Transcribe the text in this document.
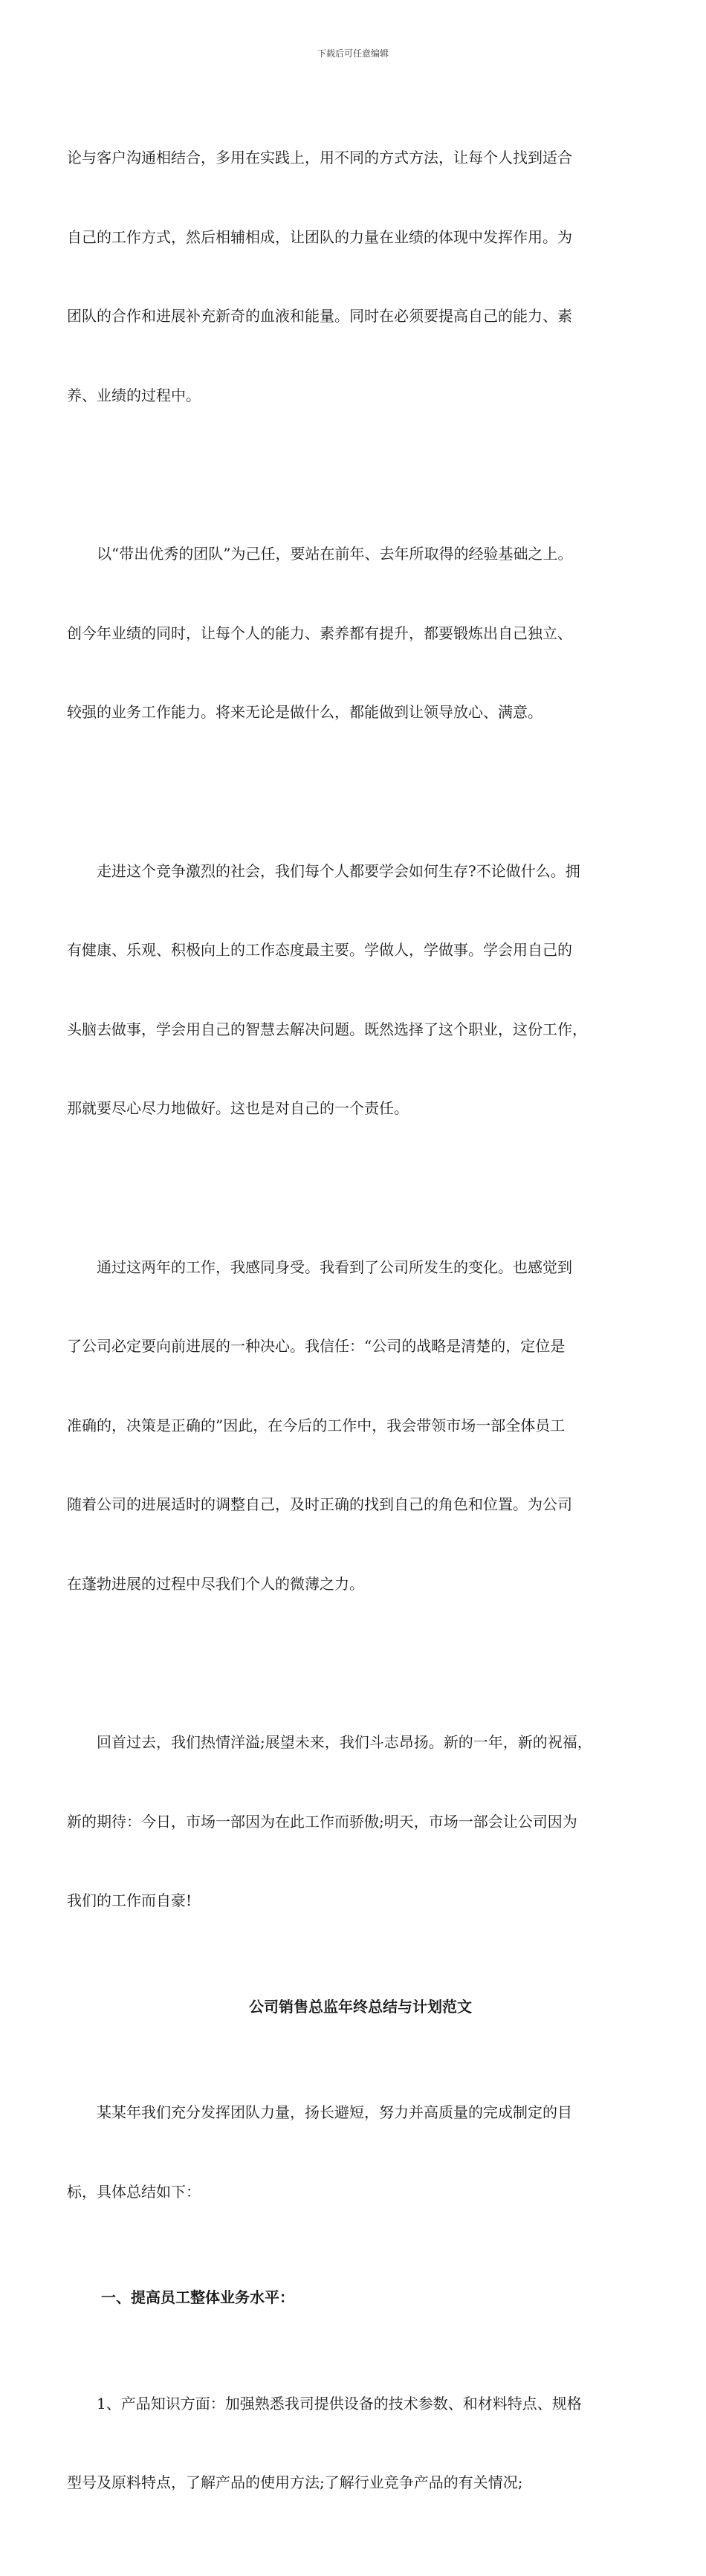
下载后可任意编辑

论与客户沟通相结合，多用在实践上，用不同的方式方法，让每个人找到适合

自己的工作方式，然后相辅相成，让团队的力量在业绩的体现中发挥作用。为

团队的合作和进展补充新奇的血液和能量。同时在必须要提高自己的能力、素

养、业绩的过程中。

　　以“带出优秀的团队”为己任，要站在前年、去年所取得的经验基础之上。

创今年业绩的同时，让每个人的能力、素养都有提升，都要锻炼出自己独立、

较强的业务工作能力。将来无论是做什么，都能做到让领导放心、满意。

　　走进这个竞争激烈的社会，我们每个人都要学会如何生存?不论做什么。拥

有健康、乐观、积极向上的工作态度最主要。学做人，学做事。学会用自己的

头脑去做事，学会用自己的智慧去解决问题。既然选择了这个职业，这份工作，

那就要尽心尽力地做好。这也是对自己的一个责任。

　　通过这两年的工作，我感同身受。我看到了公司所发生的变化。也感觉到

了公司必定要向前进展的一种决心。我信任：“公司的战略是清楚的，定位是

准确的，决策是正确的”因此，在今后的工作中，我会带领市场一部全体员工

随着公司的进展适时的调整自己，及时正确的找到自己的角色和位置。为公司

在蓬勃进展的过程中尽我们个人的微薄之力。

　　回首过去，我们热情洋溢;展望未来，我们斗志昂扬。新的一年，新的祝福，

新的期待：今日，市场一部因为在此工作而骄傲;明天，市场一部会让公司因为

我们的工作而自豪!

公司销售总监年终总结与计划范文

　　某某年我们充分发挥团队力量，扬长避短，努力并高质量的完成制定的目

标，具体总结如下：

一、提高员工整体业务水平：

　　1、产品知识方面：加强熟悉我司提供设备的技术参数、和材料特点、规格

型号及原料特点，了解产品的使用方法;了解行业竞争产品的有关情况;
